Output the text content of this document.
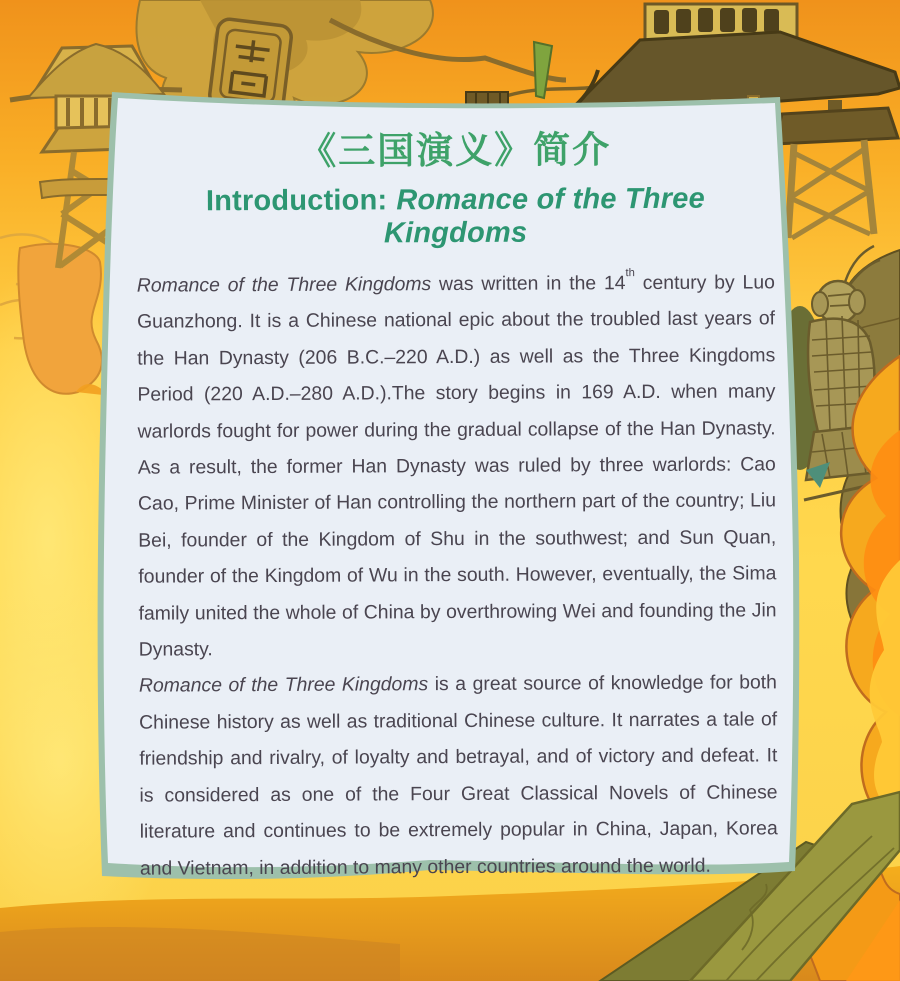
《三国演义》简介
Introduction: Romance of the Three Kingdoms

Romance of the Three Kingdoms was written in the 14th century by Luo Guanzhong. It is a Chinese national epic about the troubled last years of the Han Dynasty (206 B.C.–220 A.D.) as well as the Three Kingdoms Period (220 A.D.–280 A.D.).The story begins in 169 A.D. when many warlords fought for power during the gradual collapse of the Han Dynasty. As a result, the former Han Dynasty was ruled by three warlords: Cao Cao, Prime Minister of Han controlling the northern part of the country; Liu Bei, founder of the Kingdom of Shu in the southwest; and Sun Quan, founder of the Kingdom of Wu in the south. However, eventually, the Sima family united the whole of China by overthrowing Wei and founding the Jin Dynasty.

Romance of the Three Kingdoms is a great source of knowledge for both Chinese history as well as traditional Chinese culture. It narrates a tale of friendship and rivalry, of loyalty and betrayal, and of victory and defeat. It is considered as one of the Four Great Classical Novels of Chinese literature and continues to be extremely popular in China, Japan, Korea and Vietnam, in addition to many other countries around the world.
